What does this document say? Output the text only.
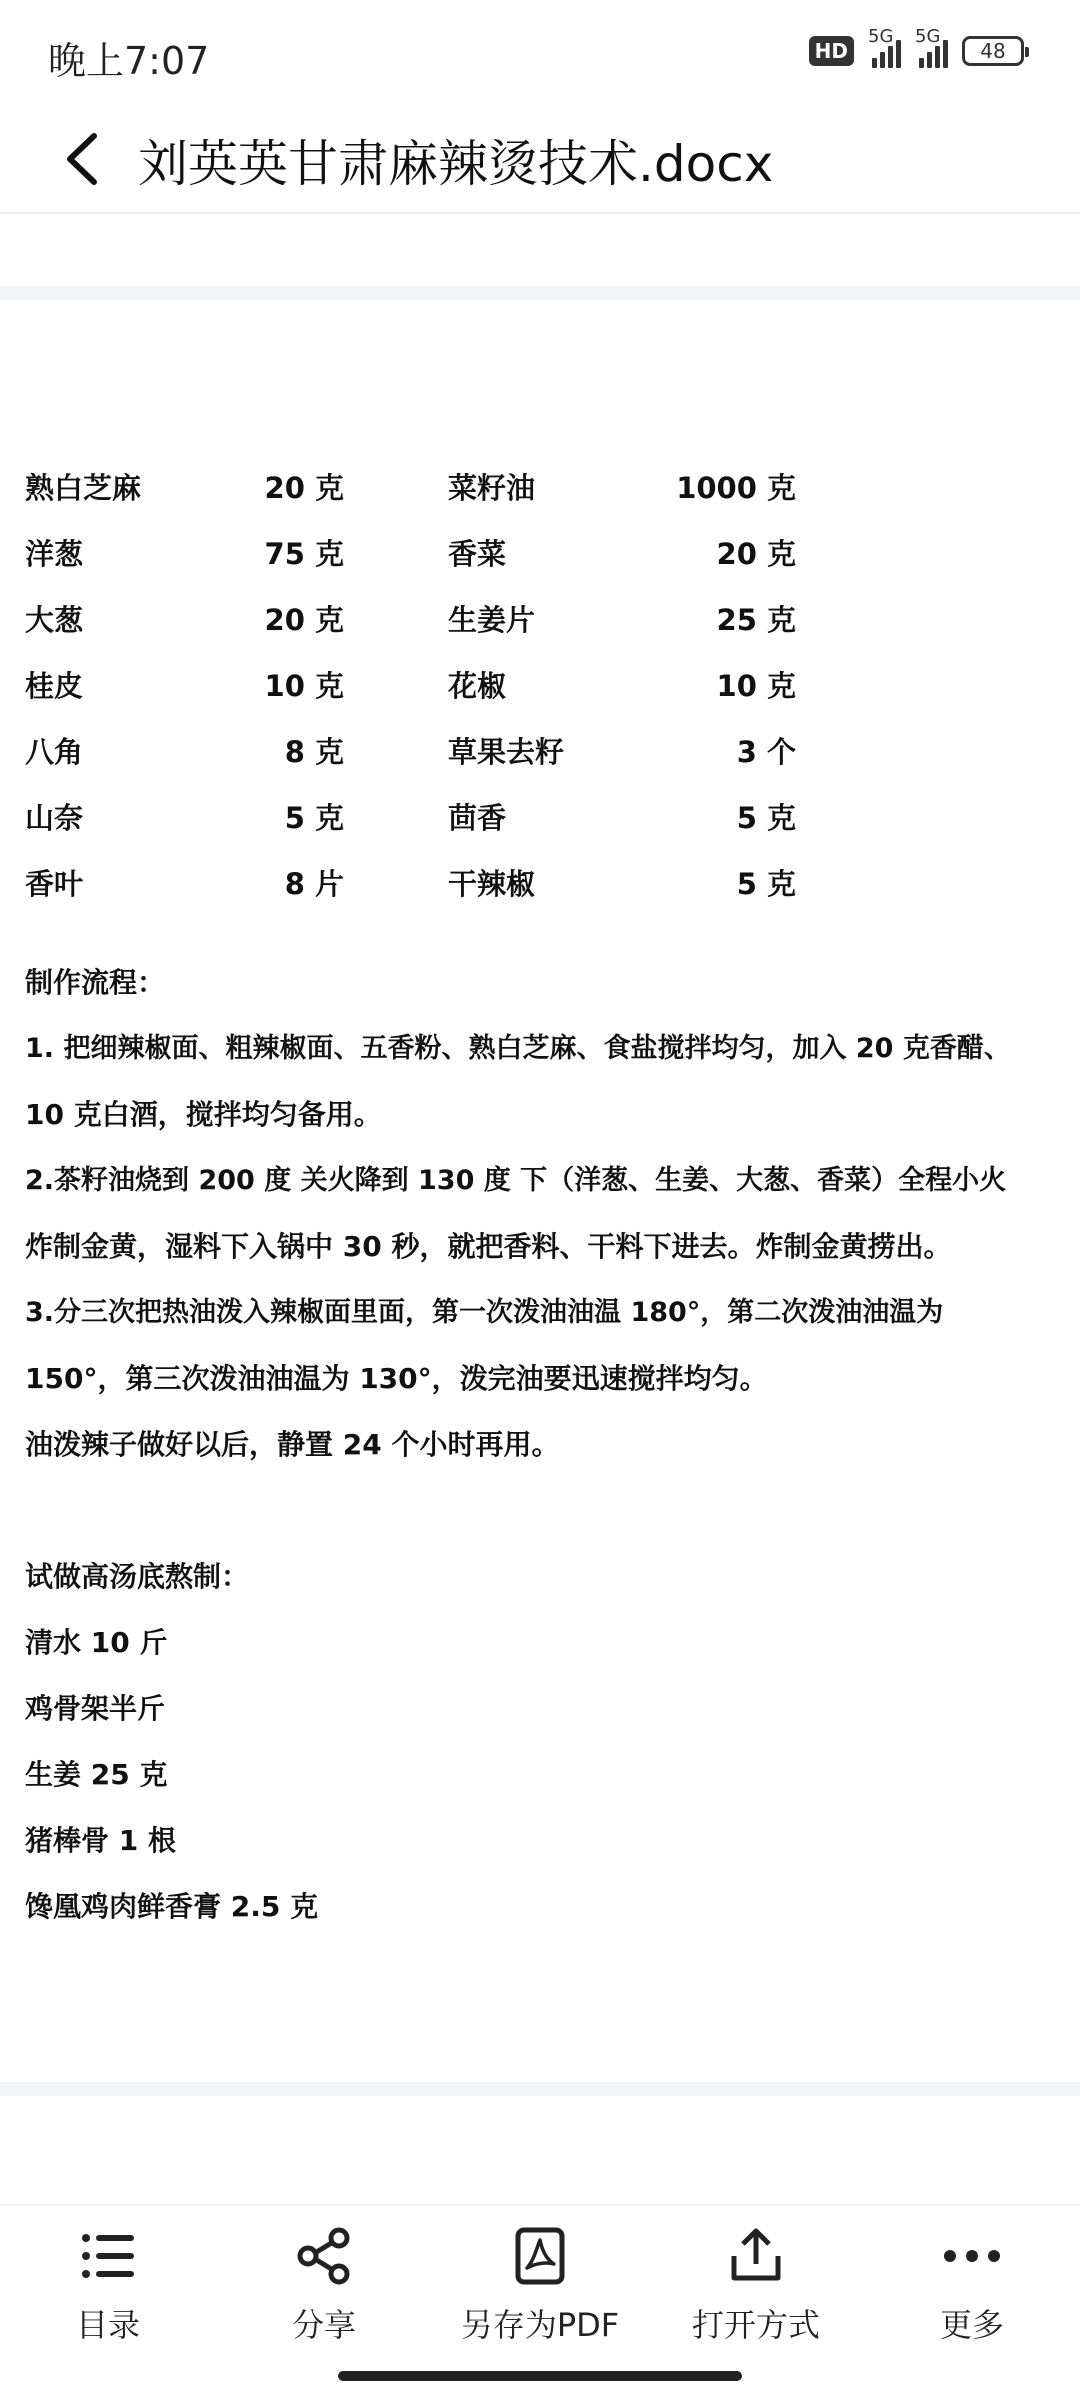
晚上7:07	HD
5G 5G
48
刘英英甘肃麻辣烫技术.docx
熟白芝麻	20 克	菜籽油	1000 克
洋葱	75 克	香菜	20 克
大葱	20 克	生姜片	25 克
桂皮	10 克	花椒	10 克
八角	8 克	草果去籽	3 个
山奈	5 克	茴香	5 克
香叶	8 片	干辣椒	5 克
制作流程：
1. 把细辣椒面、粗辣椒面、五香粉、熟白芝麻、食盐搅拌均匀，加入 20 克香醋、
10 克白酒，搅拌均匀备用。
2.茶籽油烧到 200 度 关火降到 130 度 下（洋葱、生姜、大葱、香菜）全程小火
炸制金黄，湿料下入锅中 30 秒，就把香料、干料下进去。炸制金黄捞出。
3.分三次把热油泼入辣椒面里面，第一次泼油油温 180°，第二次泼油油温为
150°，第三次泼油油温为 130°，泼完油要迅速搅拌均匀。
油泼辣子做好以后，静置 24 个小时再用。
试做高汤底熬制：
清水 10 斤
鸡骨架半斤
生姜 25 克
猪棒骨 1 根
馋凰鸡肉鲜香膏 2.5 克
目录	分享	另存为PDF	打开方式	更多
